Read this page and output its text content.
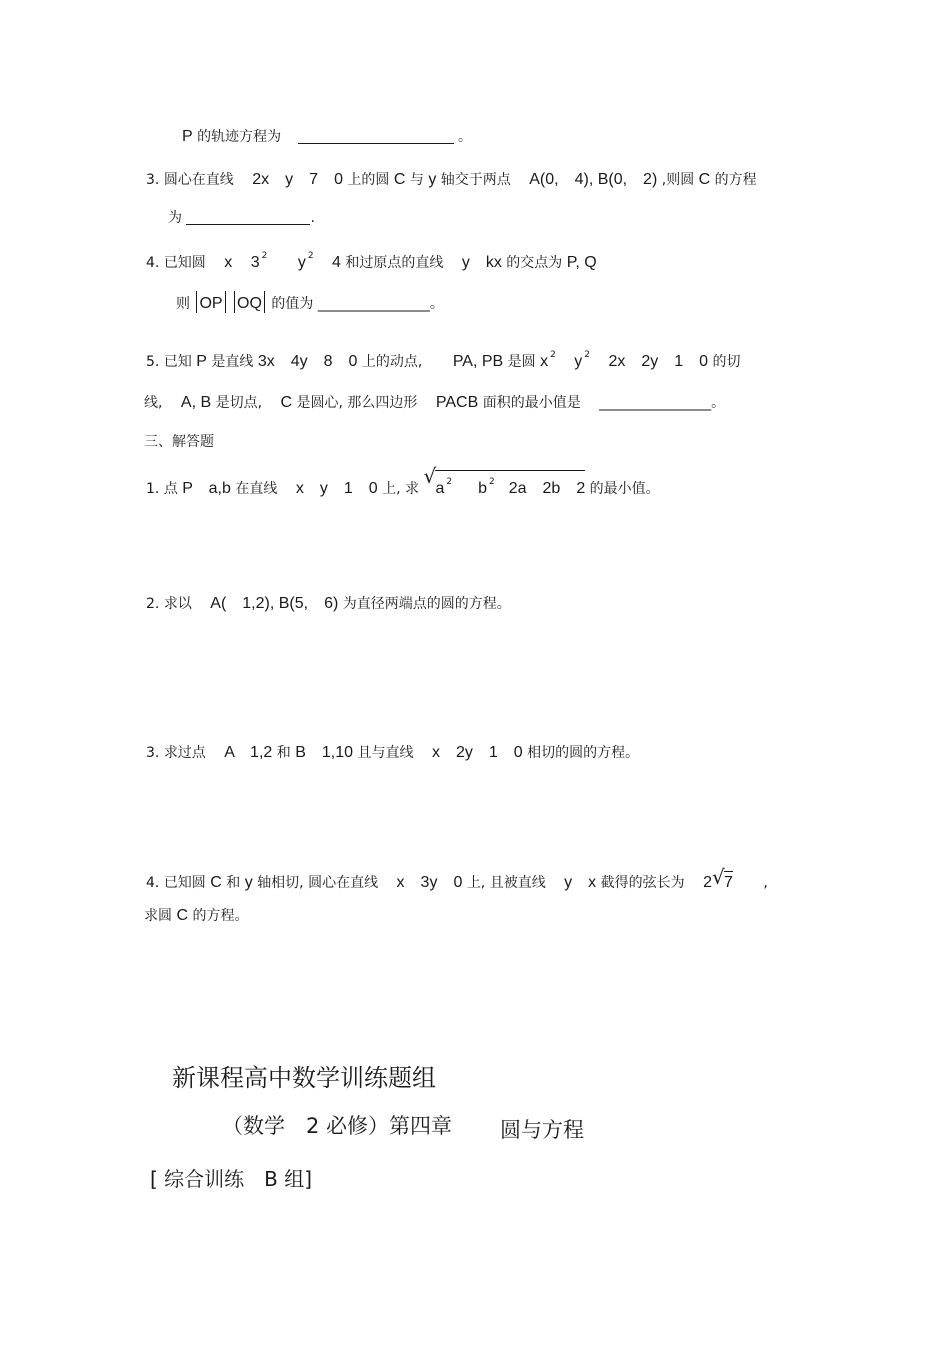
P 的轨迹方程为	。
3. 圆心在直线 2x　y　7　0 上的圆 C 与 y 轴交于两点 A(0,　4), B(0,　2) ,则圆 C 的方程
为	.
4. 已知圆 x 3 $^2$ y $^2$ 4 和过原点的直线 y　kx 的交点为 P, Q
则 OP OQ 的值为 ________________。
5. 已知 P 是直线 3x　4y　8　0 上的动点, PA, PB 是圆 x $^2$ y $^2$ 2x　2y　1　0 的切
线, A, B 是切点, C 是圆心, 那么四边形 PACB 面积的最小值是 ________________。
三、解答题
1. 点 P　a,b 在直线 x　y　1　0 上, 求
√
a $^2$ b $^2$ 2a　2b　2 的最小值。
2. 求以 A(　1,2), B(5,　6) 为直径两端点的圆的方程。
3. 求过点 A　1,2 和 B　1,10 且与直线 x　2y　1　0 相切的圆的方程。
4. 已知圆 C 和 y 轴相切, 圆心在直线 x　3y　0 上, 且被直线 y　x 截得的弦长为 2 √ 7 ,
求圆 C 的方程。
新课程高中数学训练题组
（数学　2 必修）第四章 圆与方程
[ 综合训练　B 组]
